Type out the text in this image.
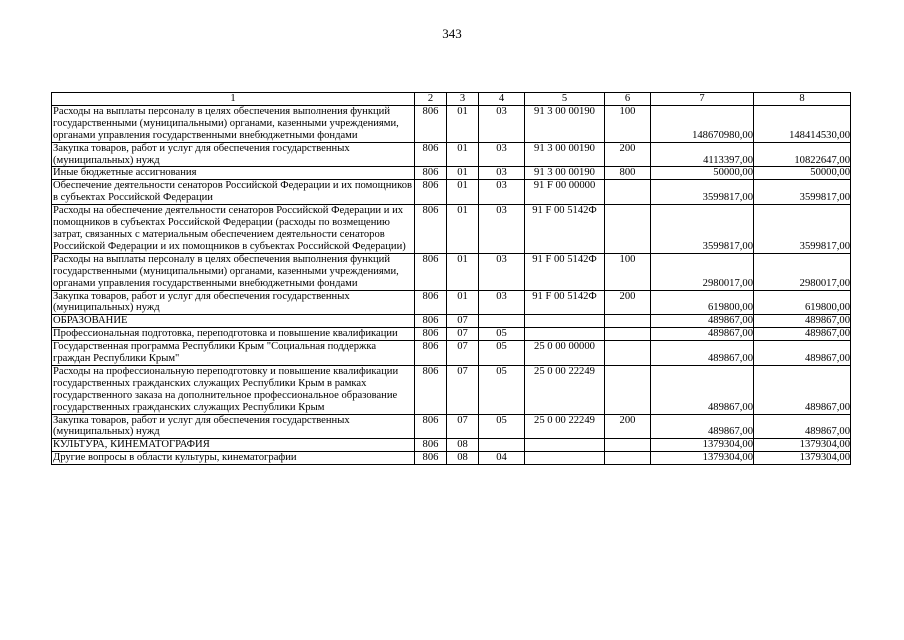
343
1	2	3	4	5	6	7	8
Расходы на выплаты персоналу в целях обеспечения выполнения функций государственными (муниципальными) органами, казенными учреждениями, органами управления государственными внебюджетными фондами	806	01	03	91 3 00 00190	100	148670980,00	148414530,00
Закупка товаров, работ и услуг для обеспечения государственных (муниципальных) нужд	806	01	03	91 3 00 00190	200	4113397,00	10822647,00
Иные бюджетные ассигнования	806	01	03	91 3 00 00190	800	50000,00	50000,00
Обеспечение деятельности сенаторов Российской Федерации и их помощников в субъектах Российской Федерации	806	01	03	91 F 00 00000		3599817,00	3599817,00
Расходы на обеспечение деятельности сенаторов Российской Федерации и их помощников в субъектах Российской Федерации (расходы по возмещению затрат, связанных с материальным обеспечением деятельности сенаторов Российской Федерации и их помощников в субъектах Российской Федерации)	806	01	03	91 F 00 5142Ф		3599817,00	3599817,00
Расходы на выплаты персоналу в целях обеспечения выполнения функций государственными (муниципальными) органами, казенными учреждениями, органами управления государственными внебюджетными фондами	806	01	03	91 F 00 5142Ф	100	2980017,00	2980017,00
Закупка товаров, работ и услуг для обеспечения государственных (муниципальных) нужд	806	01	03	91 F 00 5142Ф	200	619800,00	619800,00
ОБРАЗОВАНИЕ	806	07				489867,00	489867,00
Профессиональная подготовка, переподготовка и повышение квалификации	806	07	05			489867,00	489867,00
Государственная программа Республики Крым "Социальная поддержка граждан Республики Крым"	806	07	05	25 0 00 00000		489867,00	489867,00
Расходы на профессиональную переподготовку и повышение квалификации государственных гражданских служащих Республики Крым в рамках государственного заказа на дополнительное профессиональное образование государственных гражданских служащих Республики Крым	806	07	05	25 0 00 22249		489867,00	489867,00
Закупка товаров, работ и услуг для обеспечения государственных (муниципальных) нужд	806	07	05	25 0 00 22249	200	489867,00	489867,00
КУЛЬТУРА, КИНЕМАТОГРАФИЯ	806	08				1379304,00	1379304,00
Другие вопросы в области культуры, кинематографии	806	08	04			1379304,00	1379304,00
